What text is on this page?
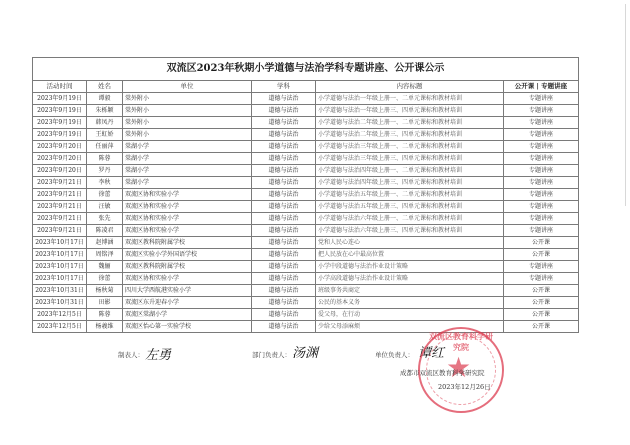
双流区2023年秋期小学道德与法治学科专题讲座、公开课公示					
活动时间	姓名	单位	学科	内容标题	公开课 | 专题讲座
2023年9月19日	谭毅	棠外附小	道德与法治	小学道德与法治一年级上册一、二单元课标和教材培训	专题讲座
2023年9月19日	朱栎颖	棠外附小	道德与法治	小学道德与法治一年级上册三、四单元课标和教材培训	专题讲座
2023年9月19日	韩凤丹	棠外附小	道德与法治	小学道德与法治二年级上册一、二单元课标和教材培训	专题讲座
2023年9月19日	王虹娇	棠外附小	道德与法治	小学道德与法治二年级上册三、四单元课标和教材培训	专题讲座
2023年9月20日	任丽萍	棠湖小学	道德与法治	小学道德与法治三年级上册一、二单元课标和教材培训	专题讲座
2023年9月20日	陈蓉	棠湖小学	道德与法治	小学道德与法治三年级上册三、四单元课标和教材培训	专题讲座
2023年9月20日	罗丹	棠湖小学	道德与法治	小学道德与法治四年级上册一、二单元课标和教材培训	专题讲座
2023年9月21日	李秋	棠湖小学	道德与法治	小学道德与法治四年级上册三、四单元课标和教材培训	专题讲座
2023年9月21日	徐蕾	双流区协和实验小学	道德与法治	小学道德与法治五年级上册一、二单元课标和教材培训	专题讲座
2023年9月21日	汪敏	双流区协和实验小学	道德与法治	小学道德与法治五年级上册三、四单元课标和教材培训	专题讲座
2023年9月21日	张先	双流区协和实验小学	道德与法治	小学道德与法治六年级上册一、二单元课标和教材培训	专题讲座
2023年9月21日	陈凌君	双流区协和实验小学	道德与法治	小学道德与法治六年级上册三、四单元课标和教材培训	专题讲座
2023年10月17日	赵博涵	双流区教科院附属学校	道德与法治	党和人民心连心	公开课
2023年10月17日	周铭泽	双流区实验小学外国语学校	道德与法治	把人民放在心中最高位置	公开课
2023年10月17日	魏俪	双流区教科院附属学校	道德与法治	小学中段道德与法治作业设计策略	专题讲座
2023年10月17日	徐蕾	双流区协和实验小学	道德与法治	小学高段道德与法治作业设计策略	专题讲座
2023年10月31日	杨秋菊	四川大学西航港实验小学	道德与法治	班级事务共商定	公开课
2023年10月31日	田影	双流区东升迎春小学	道德与法治	公民的基本义务	公开课
2023年12月5日	陈蓉	双流区棠湖小学	道德与法治	爱父母，在行动	公开课
2023年12月5日	杨羲维	双流区怡心第一实验学校	道德与法治	少给父母添麻烦	公开课
制表人： 左勇	部门负责人： 汤渊	单位负责人： 谭红
双流区教育科学研究院
★
成都市双流区教育科学研究院
2023年12月26日
